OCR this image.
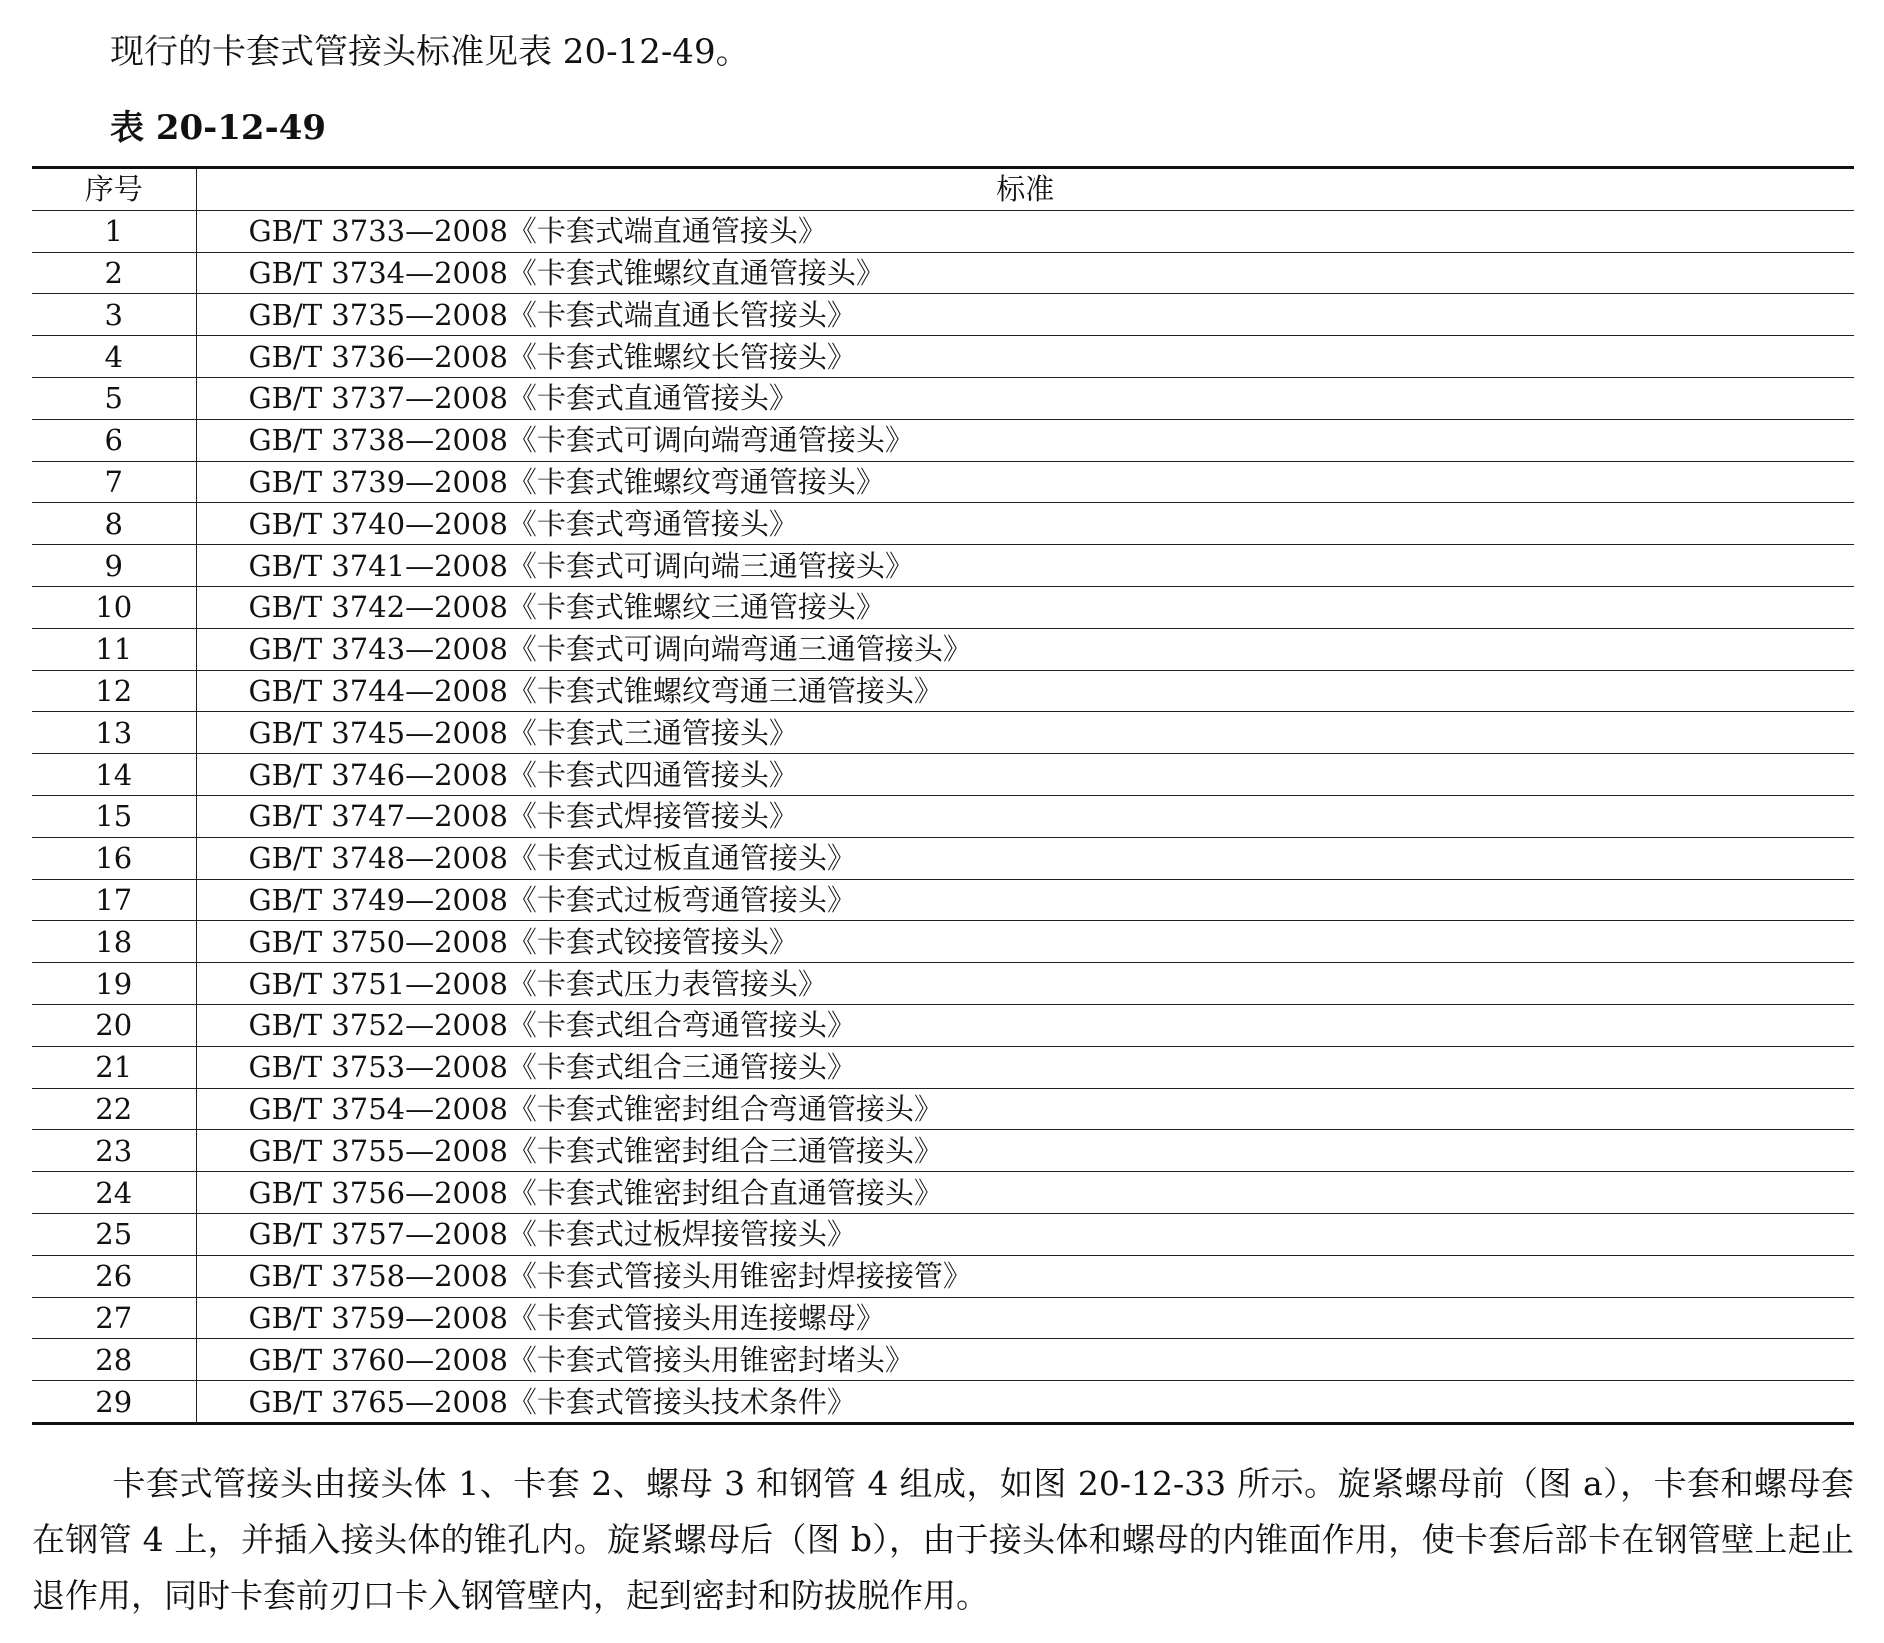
现行的卡套式管接头标准见表 20-12-49。
表 20-12-49
序号	标准
1	GB/T 3733—2008《卡套式端直通管接头》
2	GB/T 3734—2008《卡套式锥螺纹直通管接头》
3	GB/T 3735—2008《卡套式端直通长管接头》
4	GB/T 3736—2008《卡套式锥螺纹长管接头》
5	GB/T 3737—2008《卡套式直通管接头》
6	GB/T 3738—2008《卡套式可调向端弯通管接头》
7	GB/T 3739—2008《卡套式锥螺纹弯通管接头》
8	GB/T 3740—2008《卡套式弯通管接头》
9	GB/T 3741—2008《卡套式可调向端三通管接头》
10	GB/T 3742—2008《卡套式锥螺纹三通管接头》
11	GB/T 3743—2008《卡套式可调向端弯通三通管接头》
12	GB/T 3744—2008《卡套式锥螺纹弯通三通管接头》
13	GB/T 3745—2008《卡套式三通管接头》
14	GB/T 3746—2008《卡套式四通管接头》
15	GB/T 3747—2008《卡套式焊接管接头》
16	GB/T 3748—2008《卡套式过板直通管接头》
17	GB/T 3749—2008《卡套式过板弯通管接头》
18	GB/T 3750—2008《卡套式铰接管接头》
19	GB/T 3751—2008《卡套式压力表管接头》
20	GB/T 3752—2008《卡套式组合弯通管接头》
21	GB/T 3753—2008《卡套式组合三通管接头》
22	GB/T 3754—2008《卡套式锥密封组合弯通管接头》
23	GB/T 3755—2008《卡套式锥密封组合三通管接头》
24	GB/T 3756—2008《卡套式锥密封组合直通管接头》
25	GB/T 3757—2008《卡套式过板焊接管接头》
26	GB/T 3758—2008《卡套式管接头用锥密封焊接接管》
27	GB/T 3759—2008《卡套式管接头用连接螺母》
28	GB/T 3760—2008《卡套式管接头用锥密封堵头》
29	GB/T 3765—2008《卡套式管接头技术条件》
卡套式管接头由接头体 1、卡套 2、螺母 3 和钢管 4 组成，如图 20-12-33 所示。旋紧螺母前（图 a），卡套和螺母套在钢管 4 上，并插入接头体的锥孔内。旋紧螺母后（图 b），由于接头体和螺母的内锥面作用，使卡套后部卡在钢管壁上起止退作用，同时卡套前刃口卡入钢管壁内，起到密封和防拔脱作用。
